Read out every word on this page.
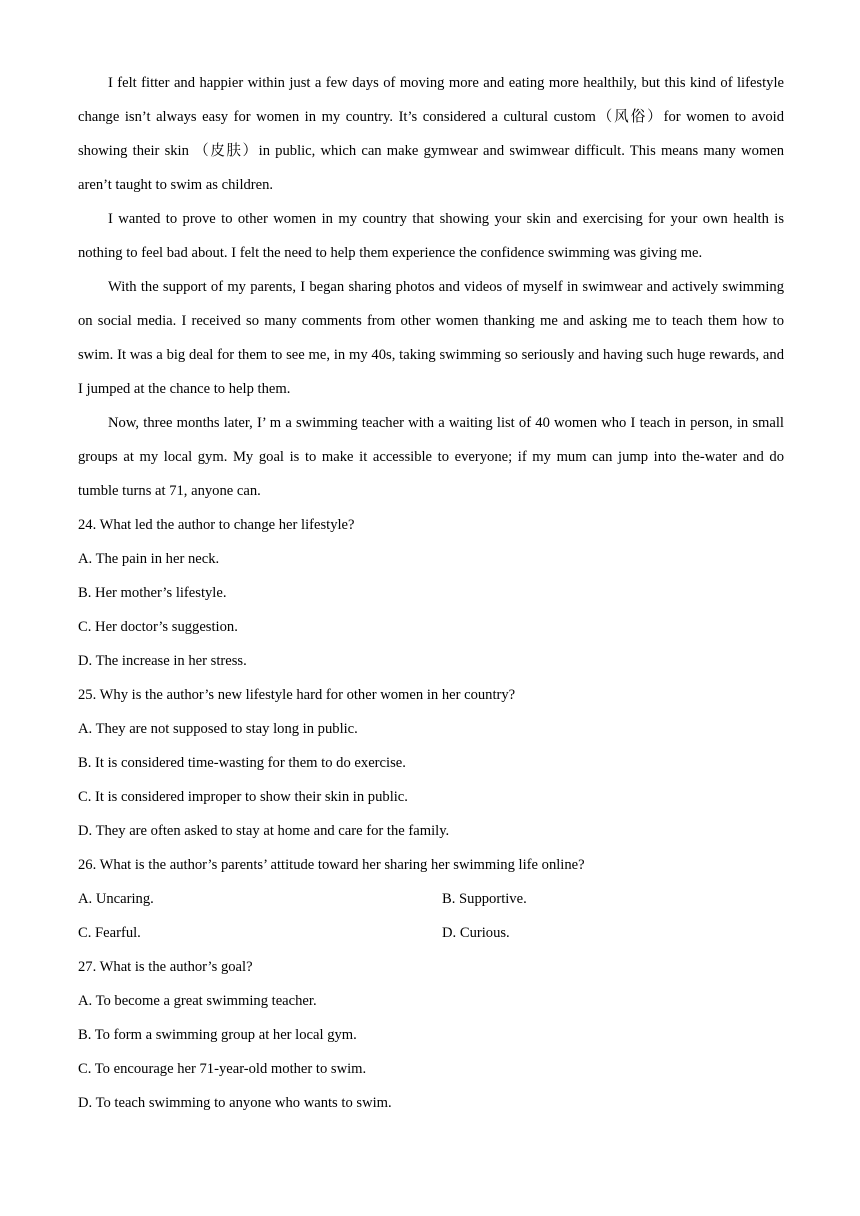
I felt fitter and happier within just a few days of moving more and eating more healthily, but this kind of lifestyle change isn’t always easy for women in my country. It’s considered a cultural custom（风俗）for women to avoid showing their skin （皮肤）in public, which can make gymwear and swimwear difficult. This means many women aren’t taught to swim as children.

I wanted to prove to other women in my country that showing your skin and exercising for your own health is nothing to feel bad about. I felt the need to help them experience the confidence swimming was giving me.

With the support of my parents, I began sharing photos and videos of myself in swimwear and actively swimming on social media. I received so many comments from other women thanking me and asking me to teach them how to swim. It was a big deal for them to see me, in my 40s, taking swimming so seriously and having such huge rewards, and I jumped at the chance to help them.

Now, three months later, I’ m a swimming teacher with a waiting list of 40 women who I teach in person, in small groups at my local gym. My goal is to make it accessible to everyone; if my mum can jump into the-water and do tumble turns at 71, anyone can.

24. What led the author to change her lifestyle?

A. The pain in her neck.

B. Her mother’s lifestyle.

C. Her doctor’s suggestion.

D. The increase in her stress.

25. Why is the author’s new lifestyle hard for other women in her country?

A. They are not supposed to stay long in public.

B. It is considered time-wasting for them to do exercise.

C. It is considered improper to show their skin in public.

D. They are often asked to stay at home and care for the family.

26. What is the author’s parents’ attitude toward her sharing her swimming life online?

A. Uncaring.	B. Supportive.
C. Fearful.	D. Curious.

27. What is the author’s goal?

A. To become a great swimming teacher.

B. To form a swimming group at her local gym.

C. To encourage her 71-year-old mother to swim.

D. To teach swimming to anyone who wants to swim.
